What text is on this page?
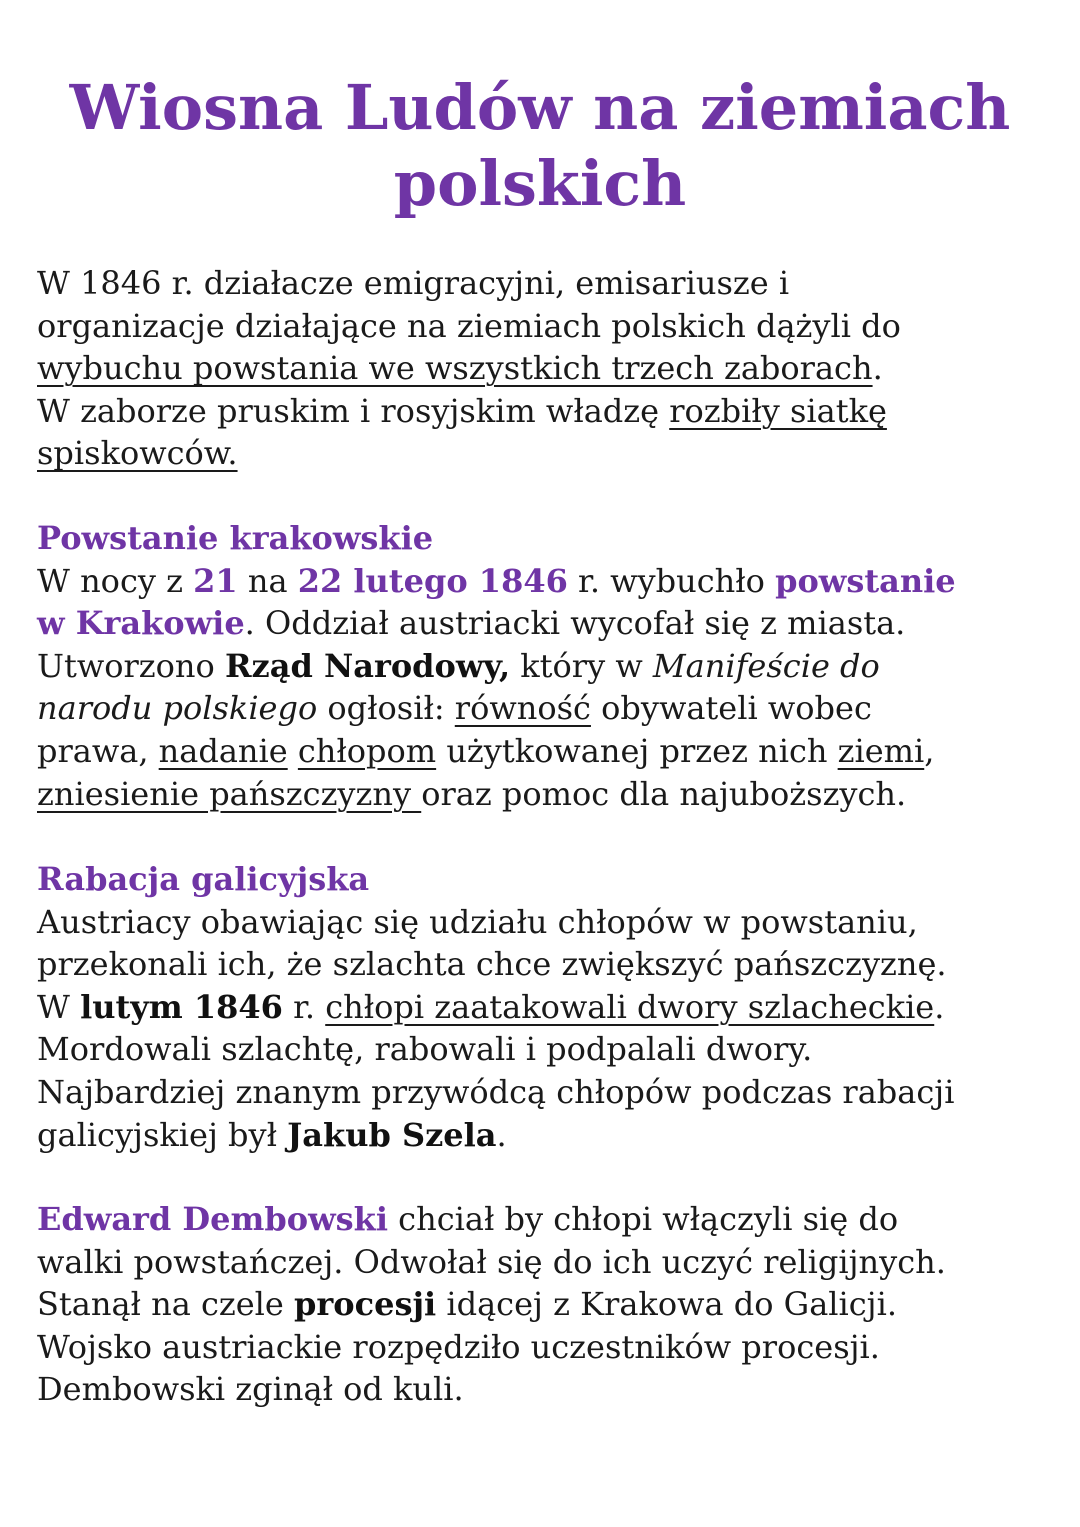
Wiosna Ludów na ziemiach
polskich
W 1846 r. działacze emigracyjni, emisariusze i
organizacje działające na ziemiach polskich dążyli do
wybuchu powstania we wszystkich trzech zaborach.
W zaborze pruskim i rosyjskim władzę rozbiły siatkę
spiskowców.
Powstanie krakowskie
W nocy z 21 na 22 lutego 1846 r. wybuchło powstanie
w Krakowie. Oddział austriacki wycofał się z miasta.
Utworzono Rząd Narodowy, który w Manifeście do
narodu polskiego ogłosił: równość obywateli wobec
prawa, nadanie chłopom użytkowanej przez nich ziemi,
zniesienie pańszczyzny oraz pomoc dla najuboższych.
Rabacja galicyjska
Austriacy obawiając się udziału chłopów w powstaniu,
przekonali ich, że szlachta chce zwiększyć pańszczyznę.
W lutym 1846 r. chłopi zaatakowali dwory szlacheckie.
Mordowali szlachtę, rabowali i podpalali dwory.
Najbardziej znanym przywódcą chłopów podczas rabacji
galicyjskiej był Jakub Szela.
Edward Dembowski chciał by chłopi włączyli się do
walki powstańczej. Odwołał się do ich uczyć religijnych.
Stanął na czele procesji idącej z Krakowa do Galicji.
Wojsko austriackie rozpędziło uczestników procesji.
Dembowski zginął od kuli.
